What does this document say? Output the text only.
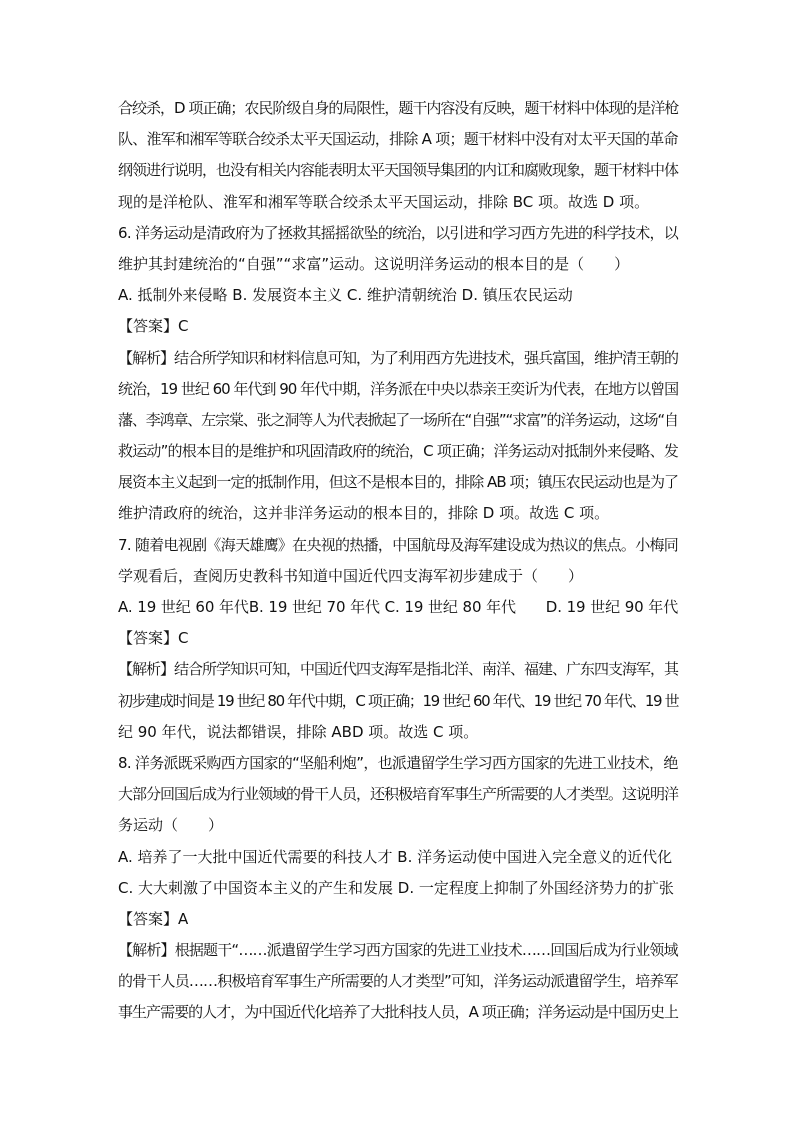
合绞杀，D 项正确；农民阶级自身的局限性，题干内容没有反映，题干材料中体现的是洋枪
队、淮军和湘军等联合绞杀太平天国运动，排除 A 项；题干材料中没有对太平天国的革命
纲领进行说明，也没有相关内容能表明太平天国领导集团的内讧和腐败现象，题干材料中体
现的是洋枪队、淮军和湘军等联合绞杀太平天国运动，排除 BC 项。故选 D 项。
6. 洋务运动是清政府为了拯救其摇摇欲坠的统治，以引进和学习西方先进的科学技术，以
维护其封建统治的“自强”“求富”运动。这说明洋务运动的根本目的是（　　）
A. 抵制外来侵略 B. 发展资本主义 C. 维护清朝统治 D. 镇压农民运动
【答案】C
【解析】结合所学知识和材料信息可知，为了利用西方先进技术，强兵富国，维护清王朝的
统治，19 世纪 60 年代到 90 年代中期，洋务派在中央以恭亲王奕䜣为代表，在地方以曾国
藩、李鸿章、左宗棠、张之洞等人为代表掀起了一场所在“自强”“求富”的洋务运动，这场“自
救运动”的根本目的是维护和巩固清政府的统治，C 项正确；洋务运动对抵制外来侵略、发
展资本主义起到一定的抵制作用，但这不是根本目的，排除 AB 项；镇压农民运动也是为了
维护清政府的统治，这并非洋务运动的根本目的，排除 D 项。故选 C 项。
7. 随着电视剧《海天雄鹰》在央视的热播，中国航母及海军建设成为热议的焦点。小梅同
学观看后，查阅历史教科书知道中国近代四支海军初步建成于（　　）
A. 19 世纪 60 年代B. 19 世纪 70 年代 C. 19 世纪 80 年代　　D. 19 世纪 90 年代
【答案】C
【解析】结合所学知识可知，中国近代四支海军是指北洋、南洋、福建、广东四支海军，其
初步建成时间是 19 世纪 80 年代中期，C 项正确；19 世纪 60 年代、19 世纪 70 年代、19 世
纪 90 年代，说法都错误，排除 ABD 项。故选 C 项。
8. 洋务派既采购西方国家的“坚船利炮”，也派遣留学生学习西方国家的先进工业技术，绝
大部分回国后成为行业领域的骨干人员，还积极培育军事生产所需要的人才类型。这说明洋
务运动（　　）
A. 培养了一大批中国近代需要的科技人才 B. 洋务运动使中国进入完全意义的近代化
C. 大大刺激了中国资本主义的产生和发展 D. 一定程度上抑制了外国经济势力的扩张
【答案】A
【解析】根据题干“……派遣留学生学习西方国家的先进工业技术……回国后成为行业领域
的骨干人员……积极培育军事生产所需要的人才类型”可知，洋务运动派遣留学生，培养军
事生产需要的人才，为中国近代化培养了大批科技人员，A 项正确；洋务运动是中国历史上
